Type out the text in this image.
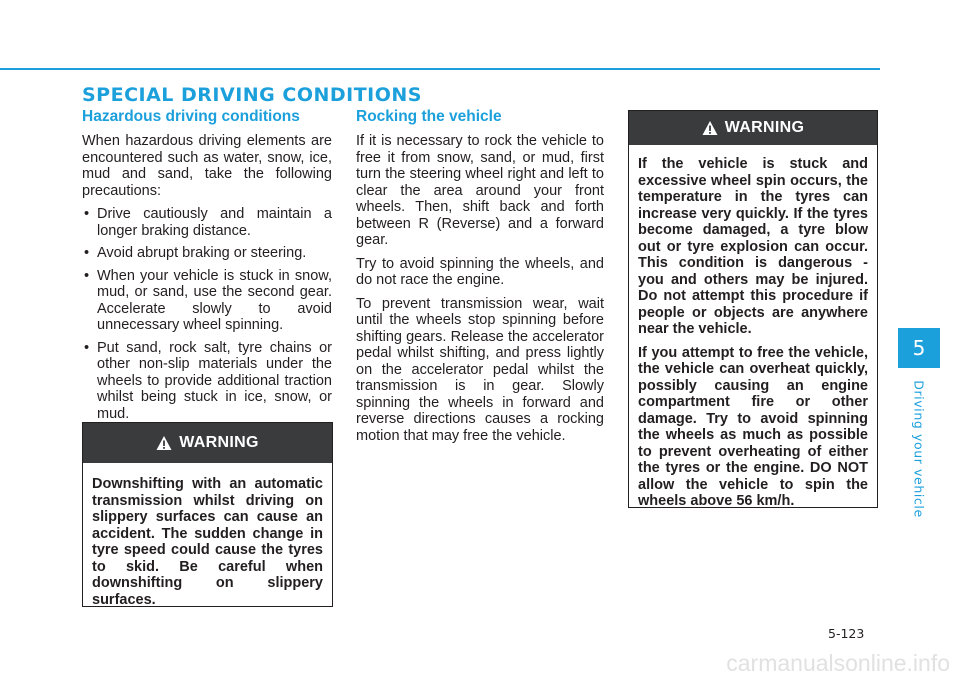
SPECIAL DRIVING CONDITIONS
Hazardous driving conditions

When hazardous driving elements are encountered such as water, snow, ice, mud and sand, take the following precautions:

• Drive cautiously and maintain a longer braking distance.
• Avoid abrupt braking or steering.
• When your vehicle is stuck in snow, mud, or sand, use the second gear. Accelerate slowly to avoid unnecessary wheel spinning.
• Put sand, rock salt, tyre chains or other non-slip materials under the wheels to provide additional traction whilst being stuck in ice, snow, or mud.
WARNING
Downshifting with an automatic transmission whilst driving on slippery surfaces can cause an accident. The sudden change in tyre speed could cause the tyres to skid. Be careful when downshifting on slippery surfaces.
Rocking the vehicle

If it is necessary to rock the vehicle to free it from snow, sand, or mud, first turn the steering wheel right and left to clear the area around your front wheels. Then, shift back and forth between R (Reverse) and a forward gear.

Try to avoid spinning the wheels, and do not race the engine.

To prevent transmission wear, wait until the wheels stop spinning before shifting gears. Release the accelerator pedal whilst shifting, and press lightly on the accelerator pedal whilst the transmission is in gear. Slowly spinning the wheels in forward and reverse directions causes a rocking motion that may free the vehicle.

WARNING

If the vehicle is stuck and excessive wheel spin occurs, the temperature in the tyres can increase very quickly. If the tyres become damaged, a tyre blow out or tyre explosion can occur. This condition is dangerous - you and others may be injured. Do not attempt this procedure if people or objects are anywhere near the vehicle.

If you attempt to free the vehicle, the vehicle can overheat quickly, possibly causing an engine compartment fire or other damage. Try to avoid spinning the wheels as much as possible to prevent overheating of either the tyres or the engine. DO NOT allow the vehicle to spin the wheels above 56 km/h.

5
Driving your vehicle
5-123
carmanualsonline.info
